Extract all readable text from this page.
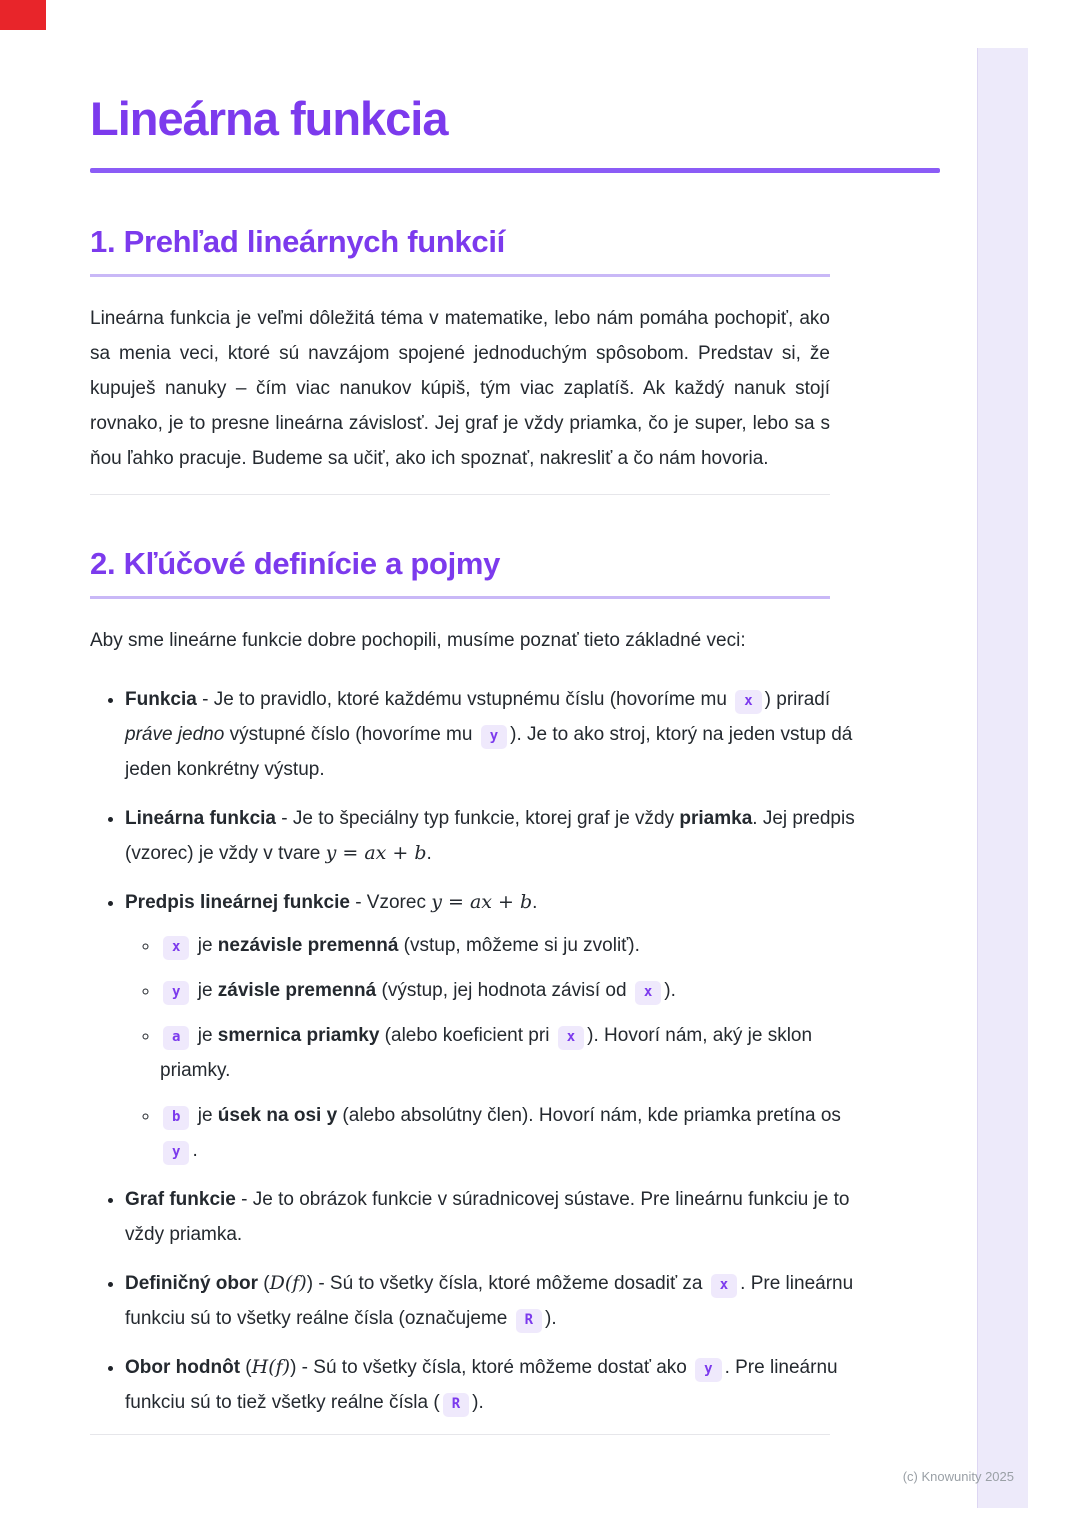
Lineárna funkcia
1. Prehľad lineárnych funkcií

Lineárna funkcia je veľmi dôležitá téma v matematike, lebo nám pomáha pochopiť, ako sa menia veci, ktoré sú navzájom spojené jednoduchým spôsobom. Predstav si, že kupuješ nanuky – čím viac nanukov kúpiš, tým viac zaplatíš. Ak každý nanuk stojí rovnako, je to presne lineárna závislosť. Jej graf je vždy priamka, čo je super, lebo sa s ňou ľahko pracuje. Budeme sa učiť, ako ich spoznať, nakresliť a čo nám hovoria.

2. Kľúčové definície a pojmy

Aby sme lineárne funkcie dobre pochopili, musíme poznať tieto základné veci:

• Funkcia - Je to pravidlo, ktoré každému vstupnému číslu (hovoríme mu x ) priradí práve jedno výstupné číslo (hovoríme mu y ). Je to ako stroj, ktorý na jeden vstup dá jeden konkrétny výstup.
• Lineárna funkcia - Je to špeciálny typ funkcie, ktorej graf je vždy priamka. Jej predpis (vzorec) je vždy v tvare y = ax + b.
• Predpis lineárnej funkcie - Vzorec y = ax + b.
◦ x je nezávisle premenná (vstup, môžeme si ju zvoliť).
◦ y je závisle premenná (výstup, jej hodnota závisí od x ).
◦ a je smernica priamky (alebo koeficient pri x ). Hovorí nám, aký je sklon priamky.
◦ b je úsek na osi y (alebo absolútny člen). Hovorí nám, kde priamka pretína os y .
• Graf funkcie - Je to obrázok funkcie v súradnicovej sústave. Pre lineárnu funkciu je to vždy priamka.
• Definičný obor (D(f)) - Sú to všetky čísla, ktoré môžeme dosadiť za x . Pre lineárnu funkciu sú to všetky reálne čísla (označujeme R ).
• Obor hodnôt (H(f)) - Sú to všetky čísla, ktoré môžeme dostať ako y . Pre lineárnu funkciu sú to tiež všetky reálne čísla ( R ).
(c) Knowunity 2025
